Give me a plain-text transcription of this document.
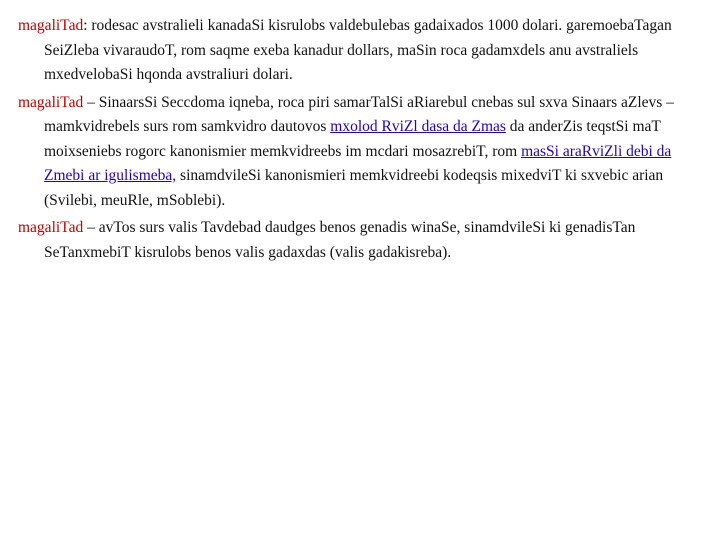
magaliTad: rodesac avstralieli kanadaSi kisrulobs valdebulebas gadaixados 1000 dolari. garemoebaTagan SeiZleba vivaraudoT, rom saqme exeba kanadur dollars, maSin roca gadamxdels anu avstraliels mxedvelobaSi hqonda avstraliuri dolari.

magaliTad – SinaarsSi Seccdoma iqneba, roca piri samarTalSi aRiarebul cnebas sul sxva Sinaars aZlevs – mamkvidrebels surs rom samkvidro dautovos mxolod RviZl dasa da Zmas da anderZis teqstSi maT moixseniebs rogorc kanonismier memkvidreebs im mcdari mosazrebiT, rom masSi araRviZli debi da Zmebi ar igulismeba, sinamdvileSi kanonismieri memkvidreebi kodeqsis mixedviT ki sxvebic arian (Svilebi, meuRle, mSoblebi).

magaliTad – avTos surs valis Tavdebad daudges benos genadis winaSe, sinamdvileSi ki genadisTan SeTanxmebiT kisrulobs benos valis gadaxdas (valis gadakisreba).
